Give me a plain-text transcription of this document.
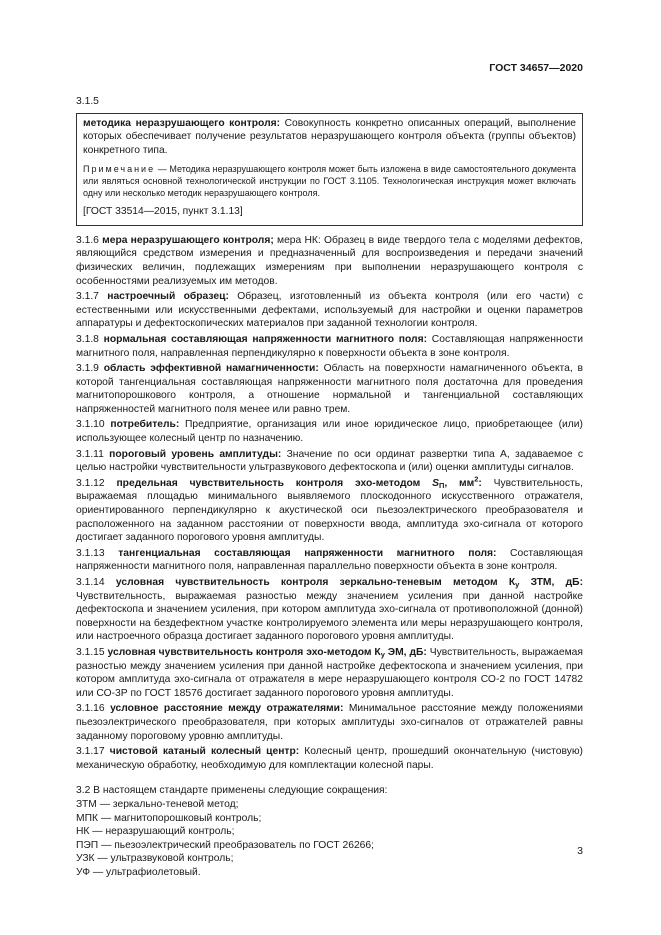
ГОСТ 34657—2020
3.1.5

методика неразрушающего контроля: Совокупность конкретно описанных операций, выполнение которых обеспечивает получение результатов неразрушающего контроля объекта (группы объектов) конкретного типа.

Примечание — Методика неразрушающего контроля может быть изложена в виде самостоятельного документа или являться основной технологической инструкции по ГОСТ 3.1105. Технологическая инструкция может включать одну или несколько методик неразрушающего контроля.

[ГОСТ 33514—2015, пункт 3.1.13]

3.1.6 мера неразрушающего контроля; мера НК: Образец в виде твердого тела с моделями дефектов, являющийся средством измерения и предназначенный для воспроизведения и передачи значений физических величин, подлежащих измерениям при выполнении неразрушающего контроля с особенностями реализуемых им методов.

3.1.7 настроечный образец: Образец, изготовленный из объекта контроля (или его части) с естественными или искусственными дефектами, используемый для настройки и оценки параметров аппаратуры и дефектоскопических материалов при заданной технологии контроля.

3.1.8 нормальная составляющая напряженности магнитного поля: Составляющая напряженности магнитного поля, направленная перпендикулярно к поверхности объекта в зоне контроля.

3.1.9 область эффективной намагниченности: Область на поверхности намагниченного объекта, в которой тангенциальная составляющая напряженности магнитного поля достаточна для проведения магнитопорошкового контроля, а отношение нормальной и тангенциальной составляющих напряженностей магнитного поля менее или равно трем.

3.1.10 потребитель: Предприятие, организация или иное юридическое лицо, приобретающее (или) использующее колесный центр по назначению.

3.1.11 пороговый уровень амплитуды: Значение по оси ординат развертки типа А, задаваемое с целью настройки чувствительности ультразвукового дефектоскопа и (или) оценки амплитуды сигналов.

3.1.12 предельная чувствительность контроля эхо-методом $S_П$, $мм^2$: Чувствительность, выражаемая площадью минимального выявляемого плоскодонного искусственного отражателя, ориентированного перпендикулярно к акустической оси пьезоэлектрического преобразователя и расположенного на заданном расстоянии от поверхности ввода, амплитуда эхо-сигнала от которого достигает заданного порогового уровня амплитуды.

3.1.13 тангенциальная составляющая напряженности магнитного поля: Составляющая напряженности магнитного поля, направленная параллельно поверхности объекта в зоне контроля.

3.1.14 условная чувствительность контроля зеркально-теневым методом $К_у$ ЗТМ, дБ: Чувствительность, выражаемая разностью между значением усиления при данной настройке дефектоскопа и значением усиления, при котором амплитуда эхо-сигнала от противоположной (донной) поверхности на бездефектном участке контролируемого элемента или меры неразрушающего контроля, или настроечного образца достигает заданного порогового уровня амплитуды.

3.1.15 условная чувствительность контроля эхо-методом $К_у$ ЭМ, дБ: Чувствительность, выражаемая разностью между значением усиления при данной настройке дефектоскопа и значением усиления, при котором амплитуда эхо-сигнала от отражателя в мере неразрушающего контроля СО-2 по ГОСТ 14782 или СО-3Р по ГОСТ 18576 достигает заданного порогового уровня амплитуды.

3.1.16 условное расстояние между отражателями: Минимальное расстояние между положениями пьезоэлектрического преобразователя, при которых амплитуды эхо-сигналов от отражателей равны заданному пороговому уровню амплитуды.

3.1.17 чистовой катаный колесный центр: Колесный центр, прошедший окончательную (чистовую) механическую обработку, необходимую для комплектации колесной пары.

3.2 В настоящем стандарте применены следующие сокращения:

ЗТМ — зеркально-теневой метод;

МПК — магнитопорошковый контроль;

НК — неразрушающий контроль;

ПЭП — пьезоэлектрический преобразователь по ГОСТ 26266;

УЗК — ультразвуковой контроль;

УФ — ультрафиолетовый.

3
